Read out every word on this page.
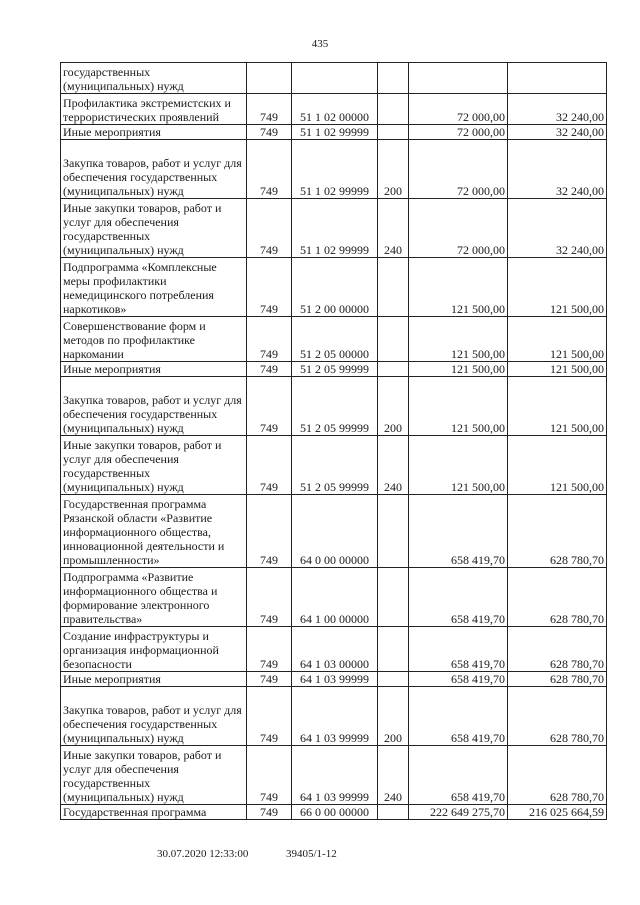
435
государственных (муниципальных) нужд					
Профилактика экстремистских и террористических проявлений	749	51 1 02 00000		72 000,00	32 240,00
Иные мероприятия	749	51 1 02 99999		72 000,00	32 240,00
Закупка товаров, работ и услуг для обеспечения государственных (муниципальных) нужд	749	51 1 02 99999	200	72 000,00	32 240,00
Иные закупки товаров, работ и услуг для обеспечения государственных (муниципальных) нужд	749	51 1 02 99999	240	72 000,00	32 240,00
Подпрограмма «Комплексные меры профилактики немедицинского потребления наркотиков»	749	51 2 00 00000		121 500,00	121 500,00
Совершенствование форм и методов по профилактике наркомании	749	51 2 05 00000		121 500,00	121 500,00
Иные мероприятия	749	51 2 05 99999		121 500,00	121 500,00
Закупка товаров, работ и услуг для обеспечения государственных (муниципальных) нужд	749	51 2 05 99999	200	121 500,00	121 500,00
Иные закупки товаров, работ и услуг для обеспечения государственных (муниципальных) нужд	749	51 2 05 99999	240	121 500,00	121 500,00
Государственная программа Рязанской области «Развитие информационного общества, инновационной деятельности и промышленности»	749	64 0 00 00000		658 419,70	628 780,70
Подпрограмма «Развитие информационного общества и формирование электронного правительства»	749	64 1 00 00000		658 419,70	628 780,70
Создание инфраструктуры и организация информационной безопасности	749	64 1 03 00000		658 419,70	628 780,70
Иные мероприятия	749	64 1 03 99999		658 419,70	628 780,70
Закупка товаров, работ и услуг для обеспечения государственных (муниципальных) нужд	749	64 1 03 99999	200	658 419,70	628 780,70
Иные закупки товаров, работ и услуг для обеспечения государственных (муниципальных) нужд	749	64 1 03 99999	240	658 419,70	628 780,70
Государственная программа	749	66 0 00 00000		222 649 275,70	216 025 664,59
30.07.2020 12:33:00	39405/1-12
